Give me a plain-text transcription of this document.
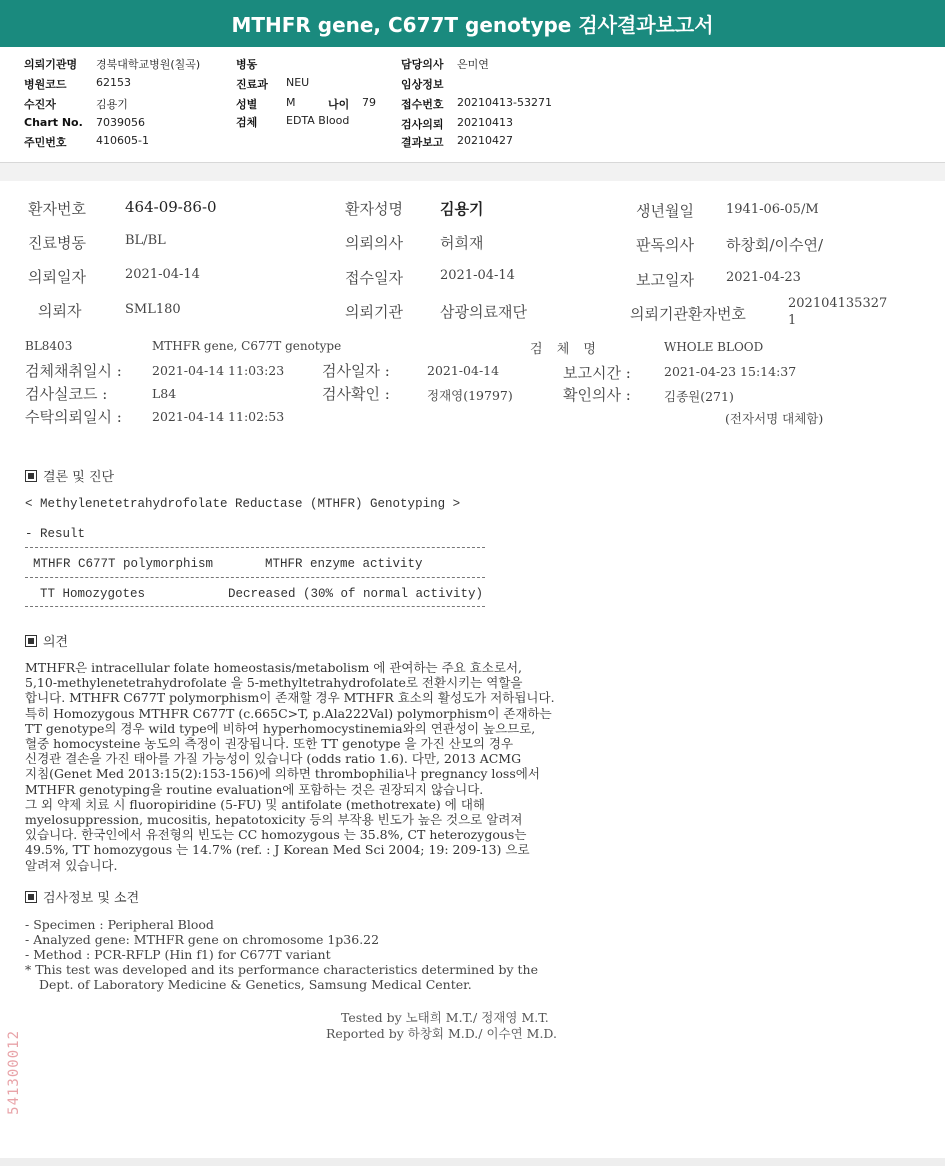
MTHFR gene, C677T genotype 검사결과보고서
의뢰기관명 경북대학교병원(칠곡)
병원코드	62153
수진자	김용기
Chart No. 7039056
주민번호	410605-1
병동
진료과 NEU
성별	M	나이 79
검체	EDTA Blood
담당의사 은미연
임상정보
접수번호 20210413-53271
검사의뢰 20210413
결과보고 20210427
환자번호	464-09-86-0	환자성명 김용기	생년월일 1941-06-05/M
진료병동	BL/BL	의뢰의사 허희재	판독의사 하창회/이수연/
의뢰일자	2021-04-14	접수일자	2021-04-14	보고일자 2021-04-23
의뢰자	SML180	의뢰기관 삼광의료재단	의뢰기관환자번호
202104135327
1
BL8403	MTHFR gene, C677T genotype	검 체 명	WHOLE BLOOD
검체채취일시 : 2021-04-14 11:03:23	검사일자 :	2021-04-14	보고시간 :	2021-04-23 15:14:37
검사실코드 :	L84	검사확인 :	정재영(19797)	확인의사 :	김종원(271)
수탁의뢰일시 : 2021-04-14 11:02:53	(전자서명 대체함)
결론 및 진단
< Methylenetetrahydrofolate Reductase (MTHFR) Genotyping >
- Result
MTHFR C677T polymorphism	MTHFR enzyme activity
TT Homozygotes	Decreased (30% of normal activity)
의견
MTHFR은 intracellular folate homeostasis/metabolism 에 관여하는 주요 효소로서,
5,10-methylenetetrahydrofolate 을 5-methyltetrahydrofolate로 전환시키는 역할을
합니다. MTHFR C677T polymorphism이 존재할 경우 MTHFR 효소의 활성도가 저하됩니다.
특히 Homozygous MTHFR C677T (c.665C>T, p.Ala222Val) polymorphism이 존재하는
TT genotype의 경우 wild type에 비하여 hyperhomocystinemia와의 연관성이 높으므로,
혈중 homocysteine 농도의 측정이 권장됩니다. 또한 TT genotype 을 가진 산모의 경우
신경관 결손을 가진 태아를 가질 가능성이 있습니다 (odds ratio 1.6). 다만, 2013 ACMG
지침(Genet Med 2013:15(2):153-156)에 의하면 thrombophilia나 pregnancy loss에서
MTHFR genotyping을 routine evaluation에 포함하는 것은 권장되지 않습니다.
그 외 약제 치료 시 fluoropiridine (5-FU) 및 antifolate (methotrexate) 에 대해
myelosuppression, mucositis, hepatotoxicity 등의 부작용 빈도가 높은 것으로 알려져
있습니다. 한국인에서 유전형의 빈도는 CC homozygous 는 35.8%, CT heterozygous는
49.5%, TT homozygous 는 14.7% (ref. : J Korean Med Sci 2004; 19: 209-13) 으로
알려져 있습니다.
검사정보 및 소견
- Specimen : Peripheral Blood
- Analyzed gene: MTHFR gene on chromosome 1p36.22
- Method : PCR-RFLP (Hin f1) for C677T variant
* This test was developed and its performance characteristics determined by the
Dept. of Laboratory Medicine & Genetics, Samsung Medical Center.
Tested by 노태희 M.T./ 정재영 M.T.
Reported by 하창회 M.D./ 이수연 M.D.
541300012
